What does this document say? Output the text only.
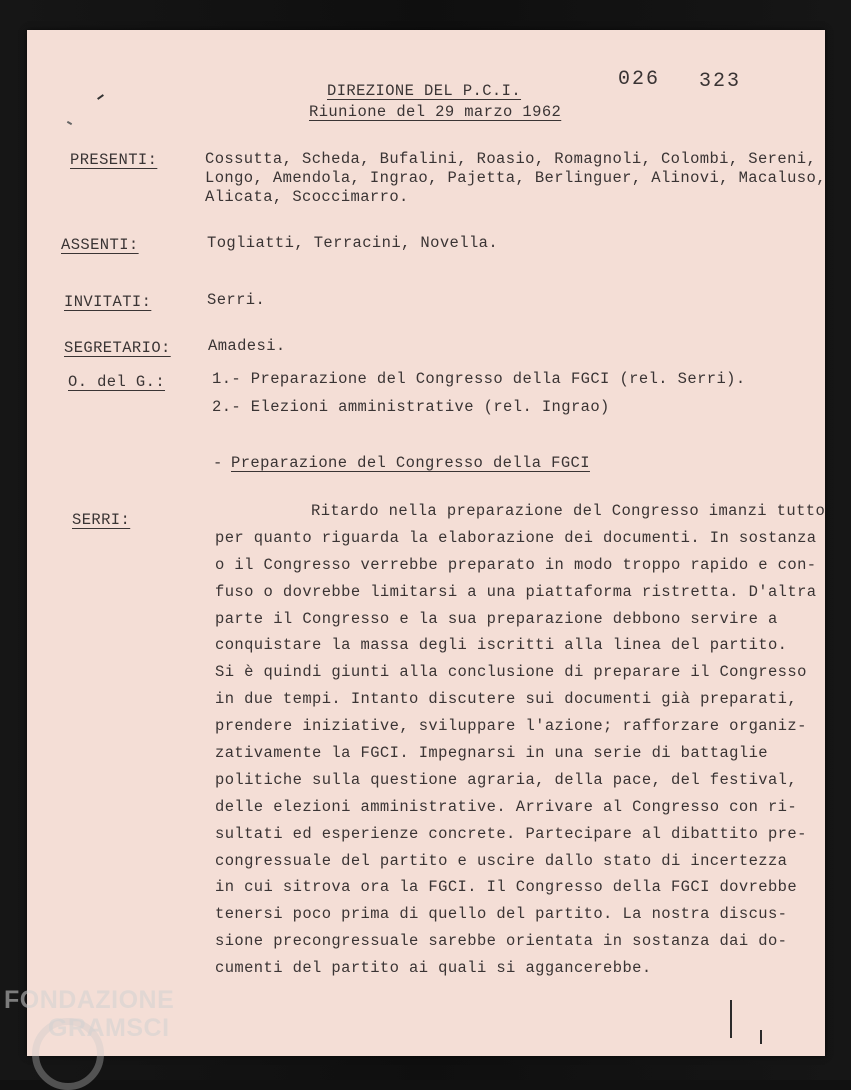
DIREZIONE DEL P.C.I.
Riunione del 29 marzo 1962
026 323
PRESENTI:	Cossutta, Scheda, Bufalini, Roasio, Romagnoli, Colombi, Sereni,
Longo, Amendola, Ingrao, Pajetta, Berlinguer, Alinovi, Macaluso,
Alicata, Scoccimarro.
ASSENTI:	Togliatti, Terracini, Novella.
INVITATI:	Serri.
SEGRETARIO: Amadesi.
O. del G.:	1.- Preparazione del Congresso della FGCI (rel. Serri).
2.- Elezioni amministrative (rel. Ingrao)
- Preparazione del Congresso della FGCI
SERRI:	Ritardo nella preparazione del Congresso imanzi tutto
per quanto riguarda la elaborazione dei documenti. In sostanza
o il Congresso verrebbe preparato in modo troppo rapido e con-
fuso o dovrebbe limitarsi a una piattaforma ristretta. D'altra
parte il Congresso e la sua preparazione debbono servire a
conquistare la massa degli iscritti alla linea del partito.
Si è quindi giunti alla conclusione di preparare il Congresso
in due tempi. Intanto discutere sui documenti già preparati,
prendere iniziative, sviluppare l'azione; rafforzare organiz-
zativamente la FGCI. Impegnarsi in una serie di battaglie
politiche sulla questione agraria, della pace, del festival,
delle elezioni amministrative. Arrivare al Congresso con ri-
sultati ed esperienze concrete. Partecipare al dibattito pre-
congressuale del partito e uscire dallo stato di incertezza
in cui sitrova ora la FGCI. Il Congresso della FGCI dovrebbe
tenersi poco prima di quello del partito. La nostra discus-
sione precongressuale sarebbe orientata in sostanza dai do-
cumenti del partito ai quali si aggancerebbe.
FONDAZIONE
GRAMSCI
